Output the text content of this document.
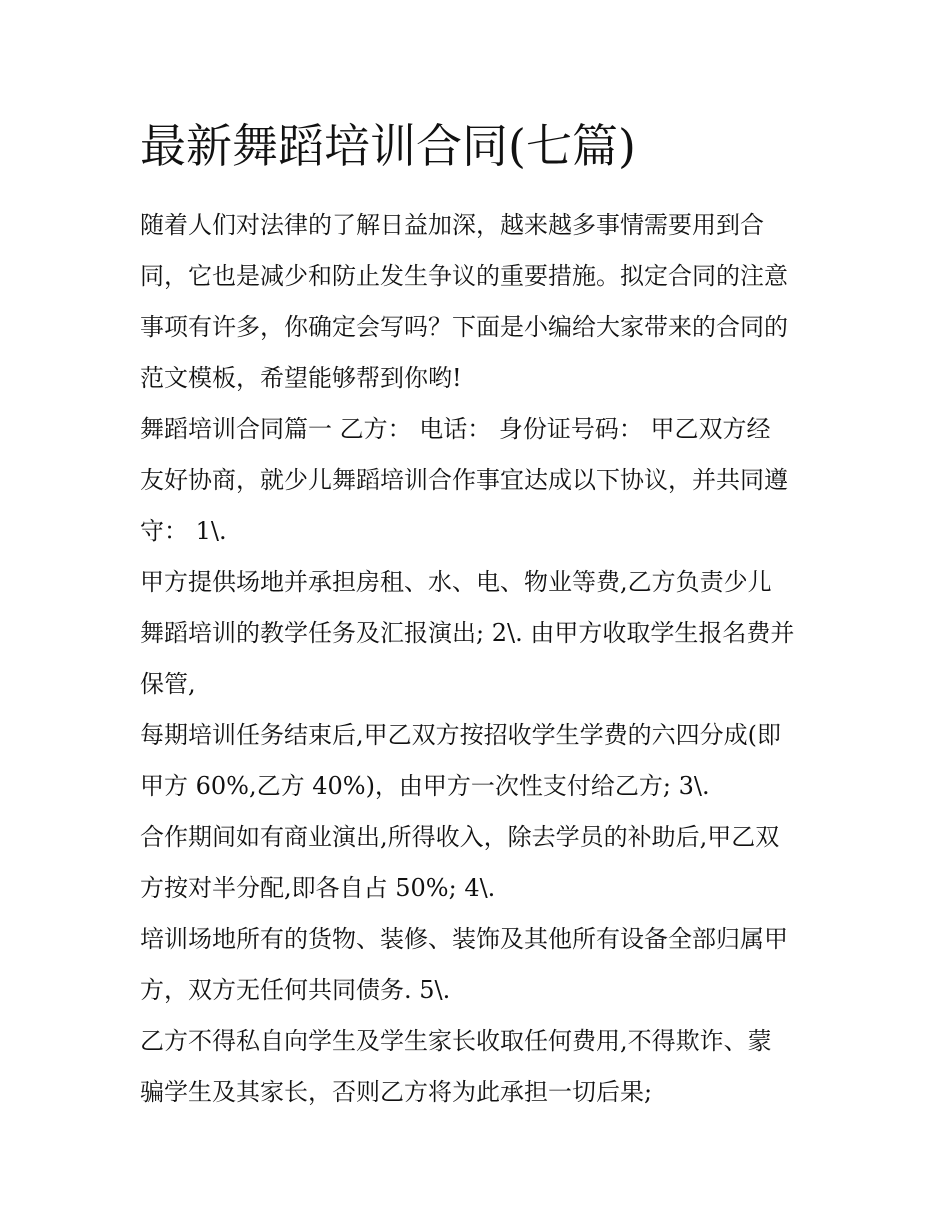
最新舞蹈培训合同(七篇)

随着人们对法律的了解日益加深，越来越多事情需要用到合
同，它也是减少和防止发生争议的重要措施。拟定合同的注意
事项有许多，你确定会写吗？下面是小编给大家带来的合同的
范文模板，希望能够帮到你哟!

舞蹈培训合同篇一 乙方： 电话： 身份证号码： 甲乙双方经
友好协商，就少儿舞蹈培训合作事宜达成以下协议，并共同遵
守： 1\.

甲方提供场地并承担房租、水、电、物业等费,乙方负责少儿
舞蹈培训的教学任务及汇报演出; 2\. 由甲方收取学生报名费并
保管,

每期培训任务结束后,甲乙双方按招收学生学费的六四分成(即
甲方 60%,乙方 40%)，由甲方一次性支付给乙方; 3\.

合作期间如有商业演出,所得收入，除去学员的补助后,甲乙双
方按对半分配,即各自占 50%; 4\.

培训场地所有的货物、装修、装饰及其他所有设备全部归属甲
方，双方无任何共同债务. 5\.

乙方不得私自向学生及学生家长收取任何费用,不得欺诈、蒙
骗学生及其家长，否则乙方将为此承担一切后果;
